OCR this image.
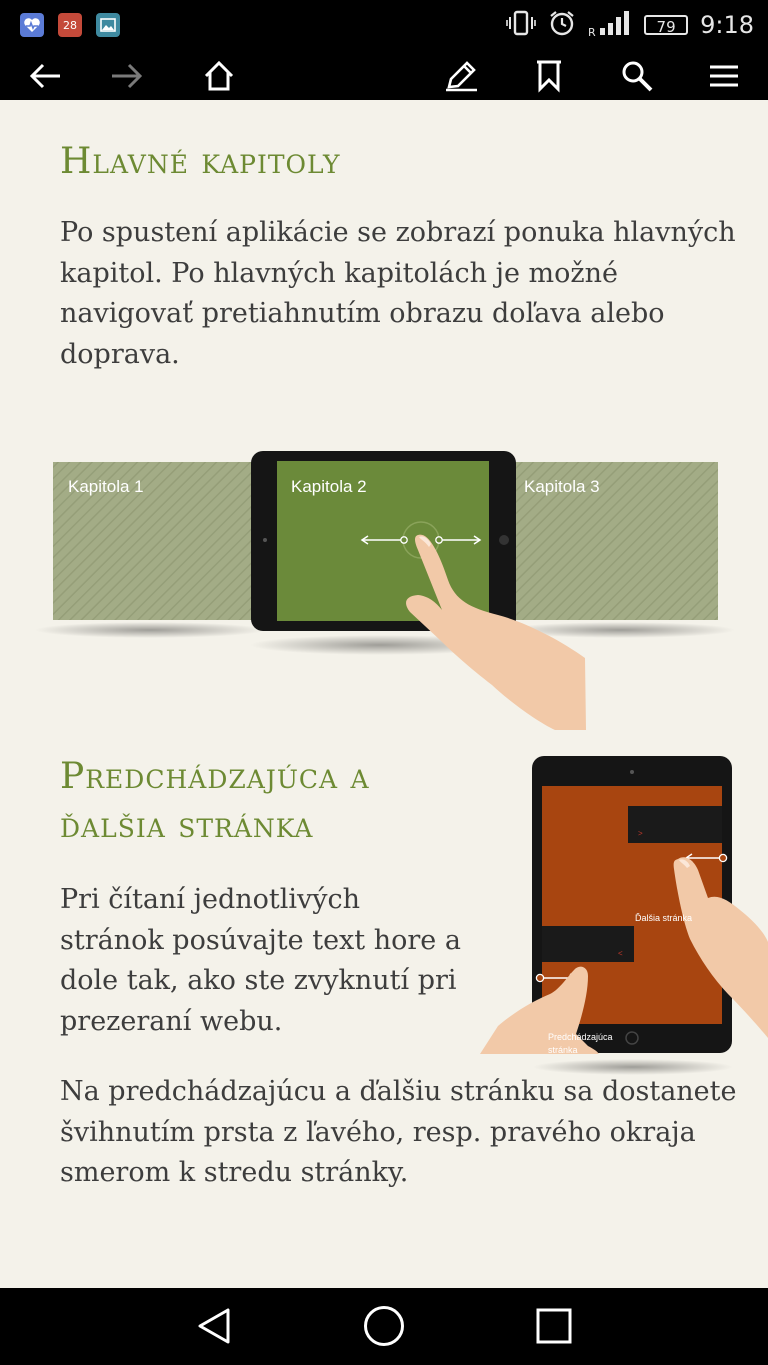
28
R	79	9:18
Hlavné kapitoly

Po spustení aplikácie se zobrazí ponuka hlavných kapitol. Po hlavných kapitolách je možné navigovať pretiahnutím obrazu doľava alebo doprava.

Kapitola 1	Kapitola 2	Kapitola 3
Predchádzajúca a
ďalšia stránka

Pri čítaní jednotlivých stránok posúvajte text hore a dole tak, ako ste zvyknutí pri prezeraní webu.

Na predchádzajúcu a ďalšiu stránku sa dostanete švihnutím prsta z ľavého, resp. pravého okraja smerom k stredu stránky.

>
<
Ďalšia stránka
Predchádzajúca
stránka
